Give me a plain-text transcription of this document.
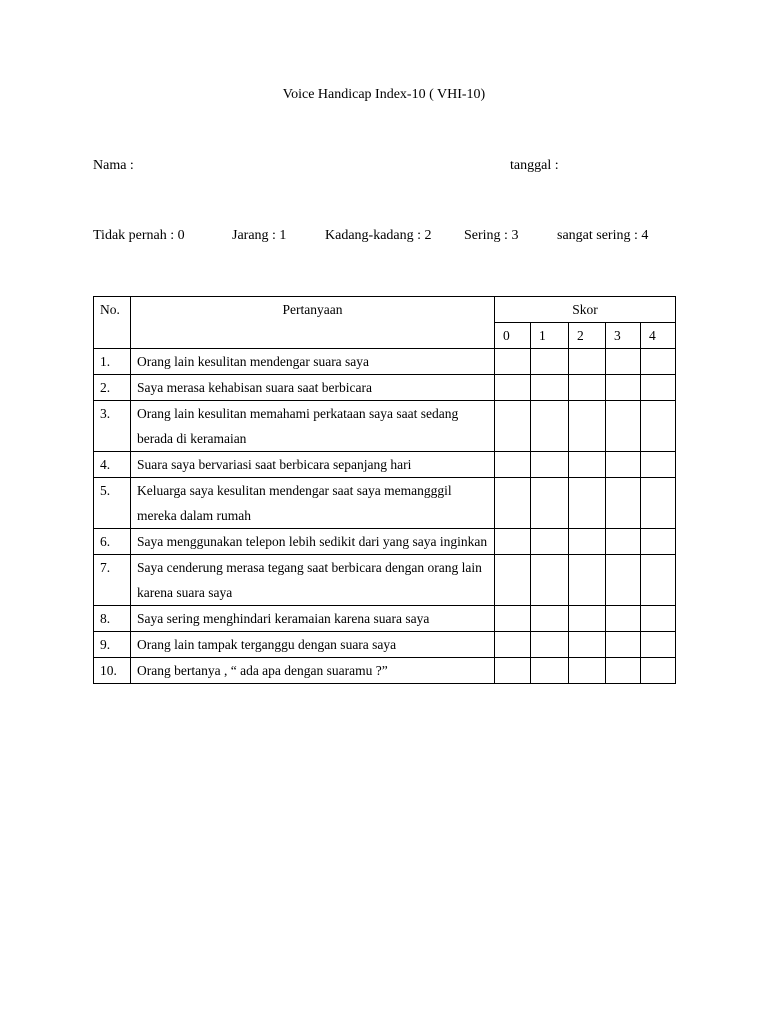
Voice Handicap Index-10 ( VHI-10)
Nama :	tanggal :
Tidak pernah : 0	Jarang : 1	Kadang-kadang : 2 Sering : 3	sangat sering : 4
No.	Pertanyaan	Skor				
		0	1	2	3	4
1.	Orang lain kesulitan mendengar suara saya					
2.	Saya merasa kehabisan suara saat berbicara					
3.	Orang lain kesulitan memahami perkataan saya saat sedang berada di keramaian					
4.	Suara saya bervariasi saat berbicara sepanjang hari					
5.	Keluarga saya kesulitan mendengar saat saya memangggil mereka dalam rumah					
6.	Saya menggunakan telepon lebih sedikit dari yang saya inginkan					
7.	Saya cenderung merasa tegang saat berbicara dengan orang lain karena suara saya					
8.	Saya sering menghindari keramaian karena suara saya					
9.	Orang lain tampak terganggu dengan suara saya					
10.	Orang bertanya , “ ada apa dengan suaramu ?”					
